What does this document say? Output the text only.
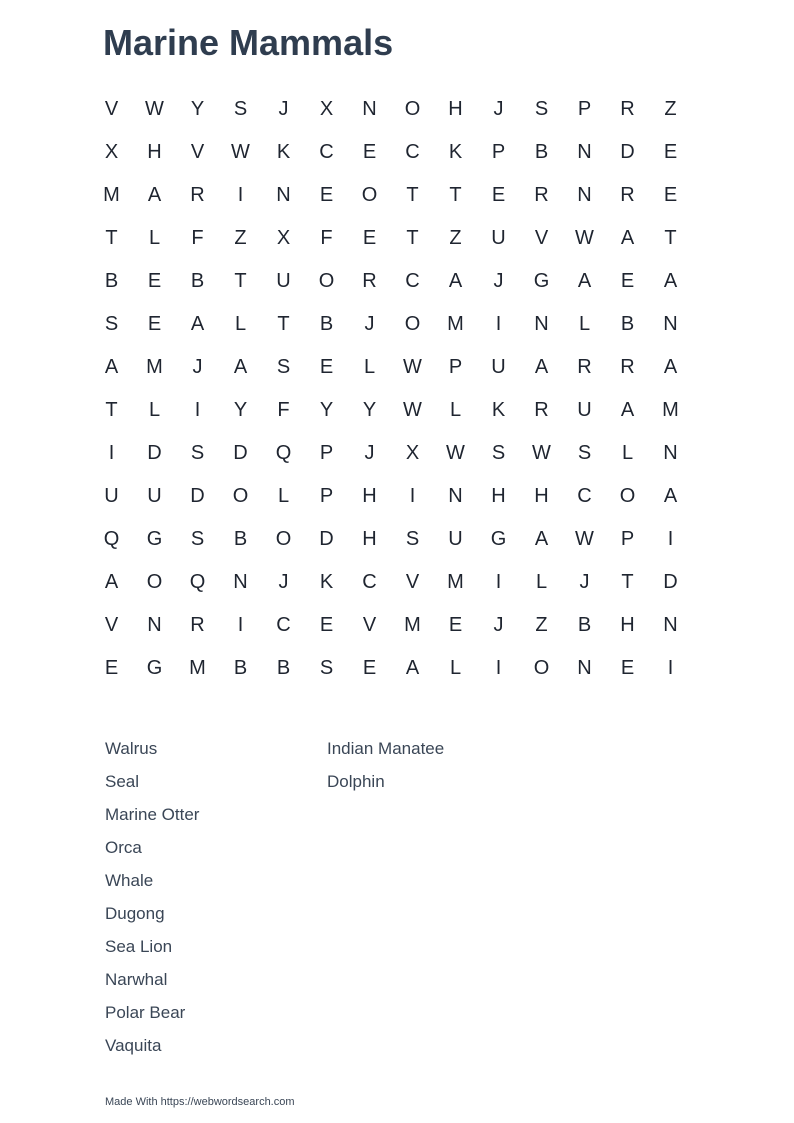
Marine Mammals
V	W	Y	S	J	X	N	O	H	J	S	P	R	Z
X	H	V	W	K	C	E	C	K	P	B	N	D	E
M	A	R	I	N	E	O	T	T	E	R	N	R	E
T	L	F	Z	X	F	E	T	Z	U	V	W	A	T
B	E	B	T	U	O	R	C	A	J	G	A	E	A
S	E	A	L	T	B	J	O	M	I	N	L	B	N
A	M	J	A	S	E	L	W	P	U	A	R	R	A
T	L	I	Y	F	Y	Y	W	L	K	R	U	A	M
I	D	S	D	Q	P	J	X	W	S	W	S	L	N
U	U	D	O	L	P	H	I	N	H	H	C	O	A
Q	G	S	B	O	D	H	S	U	G	A	W	P	I
A	O	Q	N	J	K	C	V	M	I	L	J	T	D
V	N	R	I	C	E	V	M	E	J	Z	B	H	N
E	G	M	B	B	S	E	A	L	I	O	N	E	I
Walrus
Seal
Marine Otter
Orca
Whale
Dugong
Sea Lion
Narwhal
Polar Bear
Vaquita
Indian Manatee
Dolphin
Made With https://webwordsearch.com
